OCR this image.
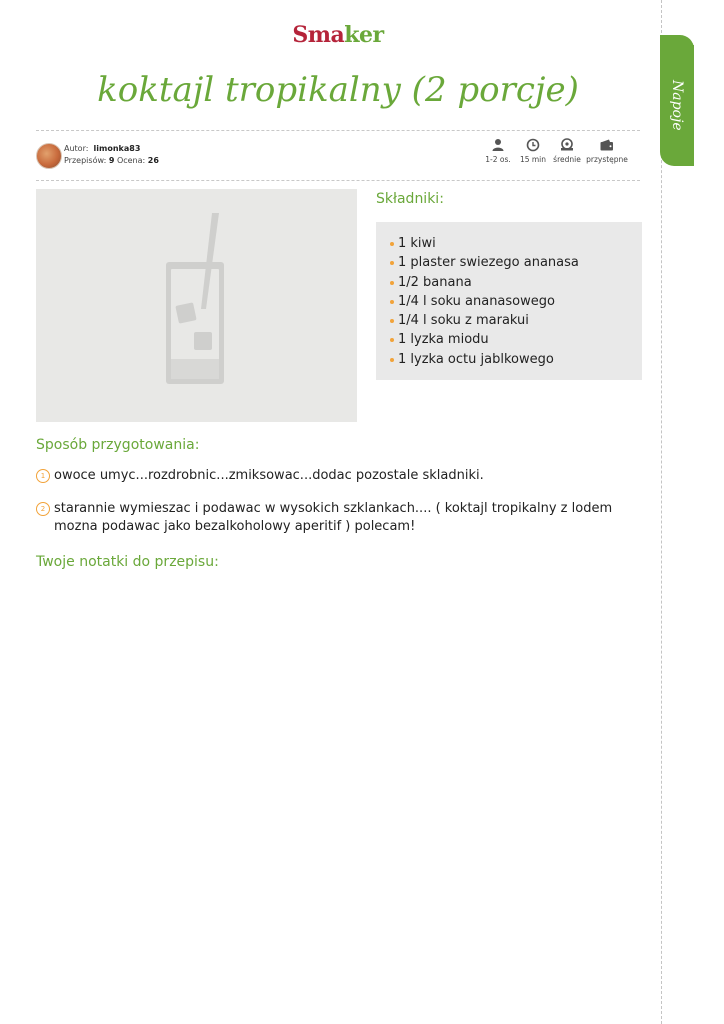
Napoje
Smaker
koktajl tropikalny (2 porcje)
Autor: limonka83
Przepisów: 9 Ocena: 26	1-2 os.	15 min średnie przystępne
Składniki:
1 kiwi
1 plaster swiezego ananasa
1/2 banana
1/4 l soku ananasowego
1/4 l soku z marakui
1 lyzka miodu
1 lyzka octu jablkowego
Sposób przygotowania:
1 owoce umyc...rozdrobnic...zmiksowac...dodac pozostale skladniki.
2 starannie wymieszac i podawac w wysokich szklankach.... ( koktajl tropikalny z lodem mozna podawac jako bezalkoholowy aperitif ) polecam!
Twoje notatki do przepisu:
